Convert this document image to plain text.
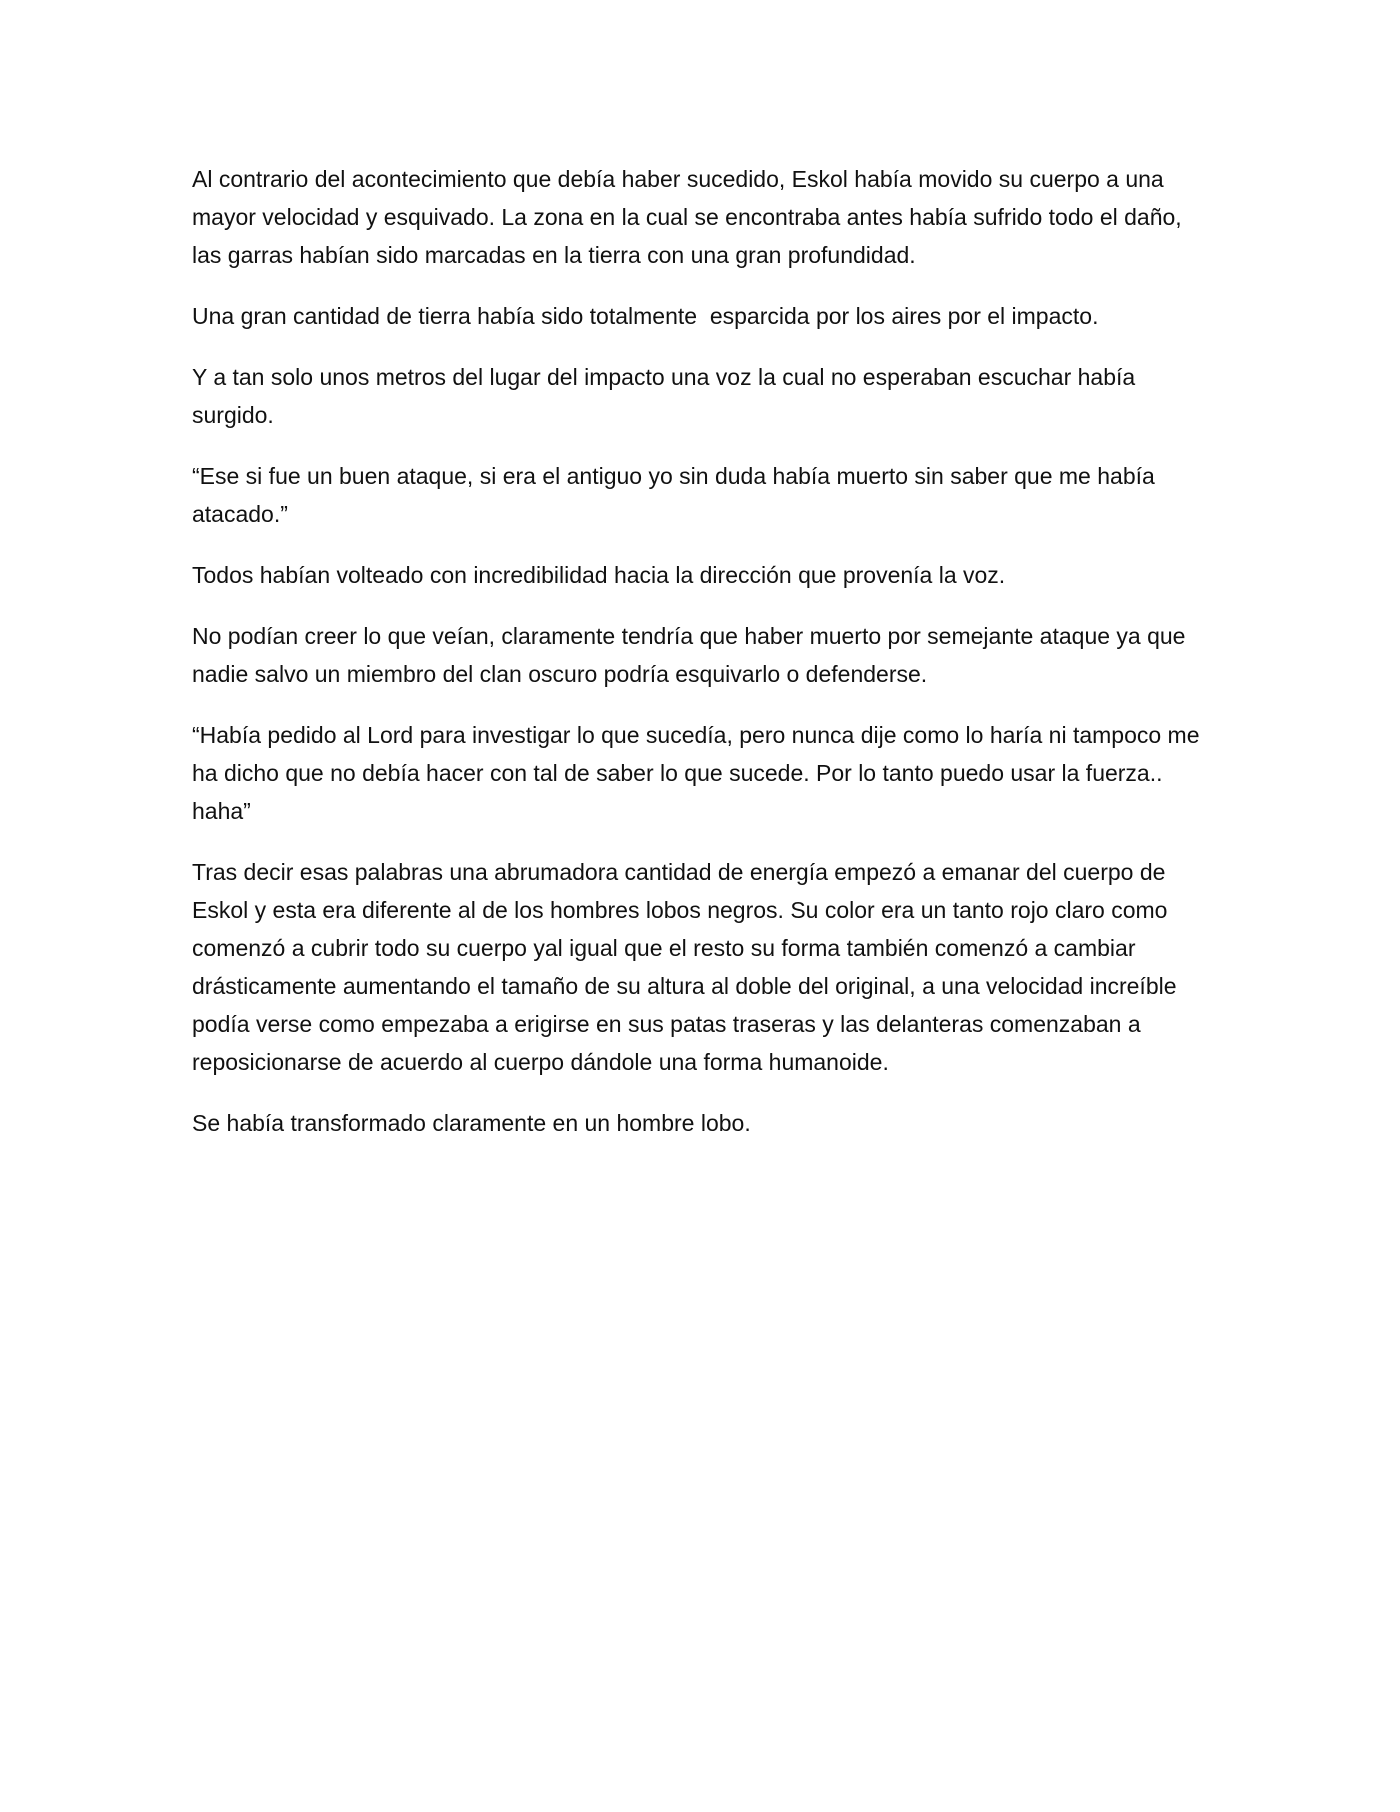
Al contrario del acontecimiento que debía haber sucedido, Eskol había movido su cuerpo a una mayor velocidad y esquivado. La zona en la cual se encontraba antes había sufrido todo el daño, las garras habían sido marcadas en la tierra con una gran profundidad.

Una gran cantidad de tierra había sido totalmente  esparcida por los aires por el impacto.

Y a tan solo unos metros del lugar del impacto una voz la cual no esperaban escuchar había surgido.

“Ese si fue un buen ataque, si era el antiguo yo sin duda había muerto sin saber que me había atacado.”

Todos habían volteado con incredibilidad hacia la dirección que provenía la voz.

No podían creer lo que veían, claramente tendría que haber muerto por semejante ataque ya que nadie salvo un miembro del clan oscuro podría esquivarlo o defenderse.

“Había pedido al Lord para investigar lo que sucedía, pero nunca dije como lo haría ni tampoco me ha dicho que no debía hacer con tal de saber lo que sucede. Por lo tanto puedo usar la fuerza.. haha”

Tras decir esas palabras una abrumadora cantidad de energía empezó a emanar del cuerpo de Eskol y esta era diferente al de los hombres lobos negros. Su color era un tanto rojo claro como comenzó a cubrir todo su cuerpo yal igual que el resto su forma también comenzó a cambiar drásticamente aumentando el tamaño de su altura al doble del original, a una velocidad increíble podía verse como empezaba a erigirse en sus patas traseras y las delanteras comenzaban a reposicionarse de acuerdo al cuerpo dándole una forma humanoide.

Se había transformado claramente en un hombre lobo.
